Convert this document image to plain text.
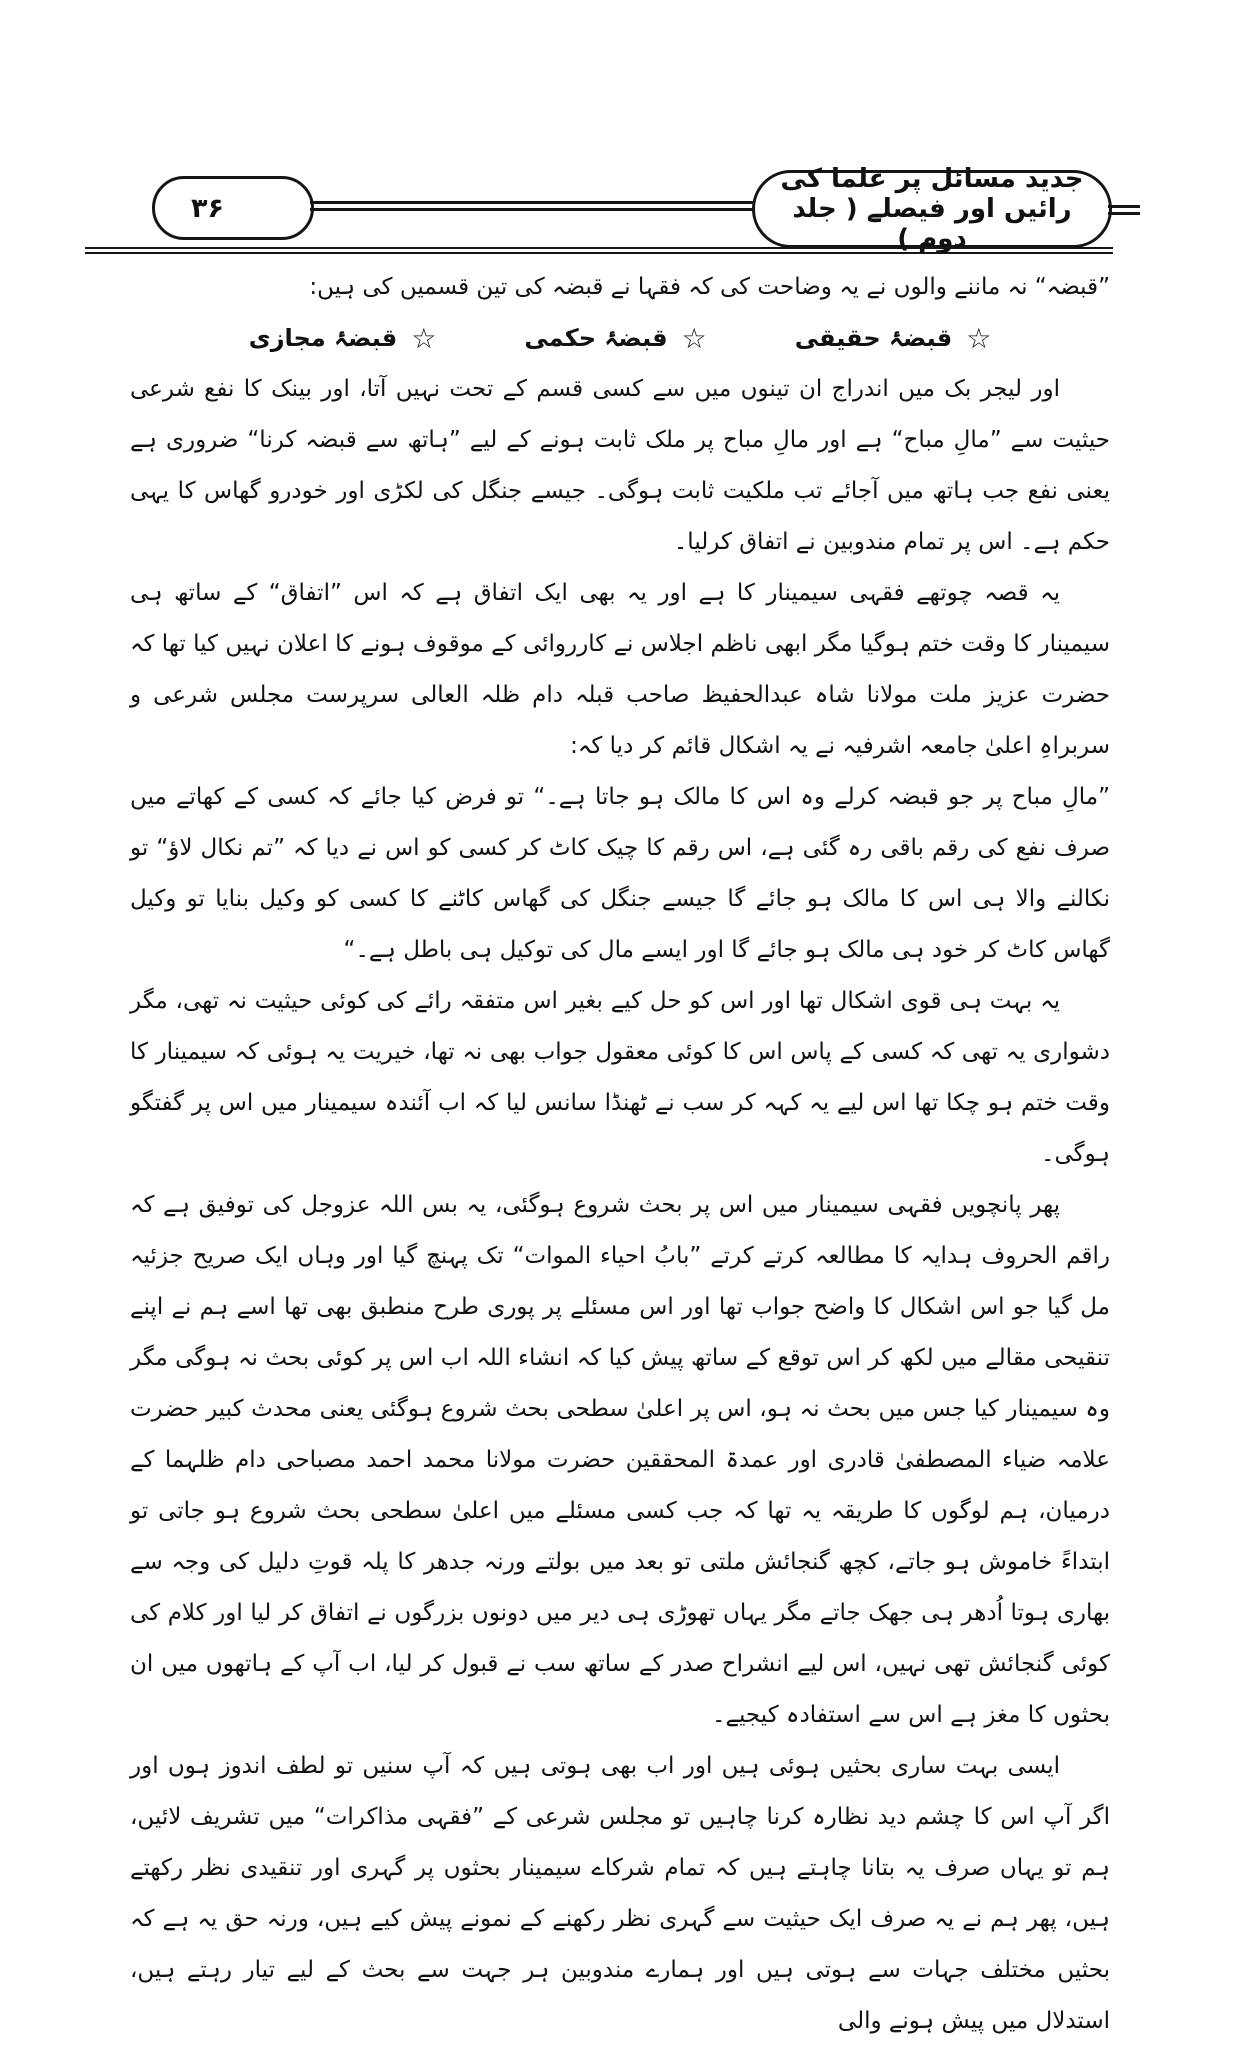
۳۶
جدید مسائل پر علما کی رائیں اور فیصلے ( جلد دوم )

”قبضہ“ نہ ماننے والوں نے یہ وضاحت کی کہ فقہا نے قبضہ کی تین قسمیں کی ہیں:

☆
قبضۂ حقیقی
☆
قبضۂ حکمی
☆
قبضۂ مجازی

اور لیجر بک میں اندراج ان تینوں میں سے کسی قسم کے تحت نہیں آتا، اور بینک کا نفع شرعی حیثیت سے ”مالِ مباح“ ہے اور مالِ مباح پر ملک ثابت ہونے کے لیے ”ہاتھ سے قبضہ کرنا“ ضروری ہے یعنی نفع جب ہاتھ میں آجائے تب ملکیت ثابت ہوگی۔ جیسے جنگل کی لکڑی اور خودرو گھاس کا یہی حکم ہے۔ اس پر تمام مندوبین نے اتفاق کرلیا۔

یہ قصہ چوتھے فقہی سیمینار کا ہے اور یہ بھی ایک اتفاق ہے کہ اس ”اتفاق“ کے ساتھ ہی سیمینار کا وقت ختم ہوگیا مگر ابھی ناظم اجلاس نے کارروائی کے موقوف ہونے کا اعلان نہیں کیا تھا کہ حضرت عزیز ملت مولانا شاہ عبدالحفیظ صاحب قبلہ دام ظلہ العالی سرپرست مجلس شرعی و سربراہِ اعلیٰ جامعہ اشرفیہ نے یہ اشکال قائم کر دیا کہ:

”مالِ مباح پر جو قبضہ کرلے وہ اس کا مالک ہو جاتا ہے۔“ تو فرض کیا جائے کہ کسی کے کھاتے میں صرف نفع کی رقم باقی رہ گئی ہے، اس رقم کا چیک کاٹ کر کسی کو اس نے دیا کہ ”تم نکال لاؤ“ تو نکالنے والا ہی اس کا مالک ہو جائے گا جیسے جنگل کی گھاس کاٹنے کا کسی کو وکیل بنایا تو وکیل گھاس کاٹ کر خود ہی مالک ہو جائے گا اور ایسے مال کی توکیل ہی باطل ہے۔“

یہ بہت ہی قوی اشکال تھا اور اس کو حل کیے بغیر اس متفقہ رائے کی کوئی حیثیت نہ تھی، مگر دشواری یہ تھی کہ کسی کے پاس اس کا کوئی معقول جواب بھی نہ تھا، خیریت یہ ہوئی کہ سیمینار کا وقت ختم ہو چکا تھا اس لیے یہ کہہ کر سب نے ٹھنڈا سانس لیا کہ اب آئندہ سیمینار میں اس پر گفتگو ہوگی۔

پھر پانچویں فقہی سیمینار میں اس پر بحث شروع ہوگئی، یہ بس اللہ عزوجل کی توفیق ہے کہ راقم الحروف ہدایہ کا مطالعہ کرتے کرتے ”بابُ احیاء الموات“ تک پہنچ گیا اور وہاں ایک صریح جزئیہ مل گیا جو اس اشکال کا واضح جواب تھا اور اس مسئلے پر پوری طرح منطبق بھی تھا اسے ہم نے اپنے تنقیحی مقالے میں لکھ کر اس توقع کے ساتھ پیش کیا کہ انشاء اللہ اب اس پر کوئی بحث نہ ہوگی مگر وہ سیمینار کیا جس میں بحث نہ ہو، اس پر اعلیٰ سطحی بحث شروع ہوگئی یعنی محدث کبیر حضرت علامہ ضیاء المصطفیٰ قادری اور عمدۃ المحققین حضرت مولانا محمد احمد مصباحی دام ظلہما کے درمیان، ہم لوگوں کا طریقہ یہ تھا کہ جب کسی مسئلے میں اعلیٰ سطحی بحث شروع ہو جاتی تو ابتداءً خاموش ہو جاتے، کچھ گنجائش ملتی تو بعد میں بولتے ورنہ جدھر کا پلہ قوتِ دلیل کی وجہ سے بھاری ہوتا اُدھر ہی جھک جاتے مگر یہاں تھوڑی ہی دیر میں دونوں بزرگوں نے اتفاق کر لیا اور کلام کی کوئی گنجائش تھی نہیں، اس لیے انشراح صدر کے ساتھ سب نے قبول کر لیا، اب آپ کے ہاتھوں میں ان بحثوں کا مغز ہے اس سے استفادہ کیجیے۔

ایسی بہت ساری بحثیں ہوئی ہیں اور اب بھی ہوتی ہیں کہ آپ سنیں تو لطف اندوز ہوں اور اگر آپ اس کا چشم دید نظارہ کرنا چاہیں تو مجلس شرعی کے ”فقہی مذاکرات“ میں تشریف لائیں، ہم تو یہاں صرف یہ بتانا چاہتے ہیں کہ تمام شرکاے سیمینار بحثوں پر گہری اور تنقیدی نظر رکھتے ہیں، پھر ہم نے یہ صرف ایک حیثیت سے گہری نظر رکھنے کے نمونے پیش کیے ہیں، ورنہ حق یہ ہے کہ بحثیں مختلف جہات سے ہوتی ہیں اور ہمارے مندوبین ہر جہت سے بحث کے لیے تیار رہتے ہیں، استدلال میں پیش ہونے والی
